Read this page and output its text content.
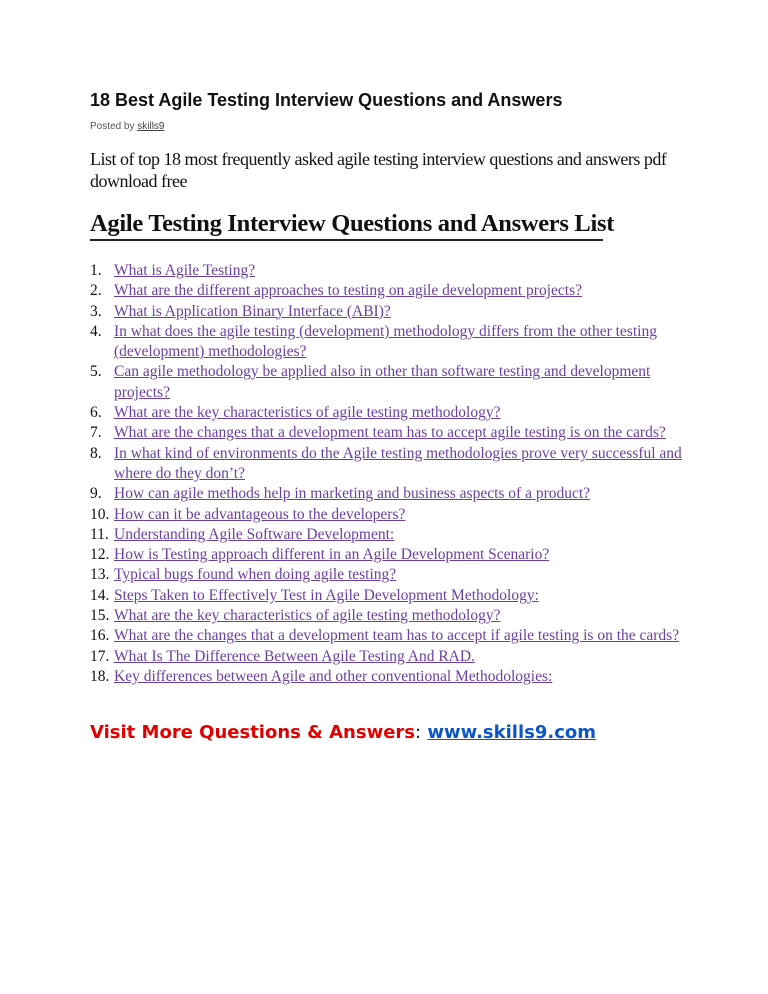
18 Best Agile Testing Interview Questions and Answers

Posted by skills9

List of top 18 most frequently asked agile testing interview questions and answers pdf download free

Agile Testing Interview Questions and Answers List
1. What is Agile Testing?
2. What are the different approaches to testing on agile development projects?
3. What is Application Binary Interface (ABI)?
4. In what does the agile testing (development) methodology differs from the other testing (development) methodologies?
5. Can agile methodology be applied also in other than software testing and development projects?
6. What are the key characteristics of agile testing methodology?
7. What are the changes that a development team has to accept agile testing is on the cards?
8. In what kind of environments do the Agile testing methodologies prove very successful and where do they don’t?
9. How can agile methods help in marketing and business aspects of a product?
10. How can it be advantageous to the developers?
11. Understanding Agile Software Development:
12. How is Testing approach different in an Agile Development Scenario?
13. Typical bugs found when doing agile testing?
14. Steps Taken to Effectively Test in Agile Development Methodology:
15. What are the key characteristics of agile testing methodology?
16. What are the changes that a development team has to accept if agile testing is on the cards?
17. What Is The Difference Between Agile Testing And RAD.
18. Key differences between Agile and other conventional Methodologies:

Visit More Questions & Answers: www.skills9.com
